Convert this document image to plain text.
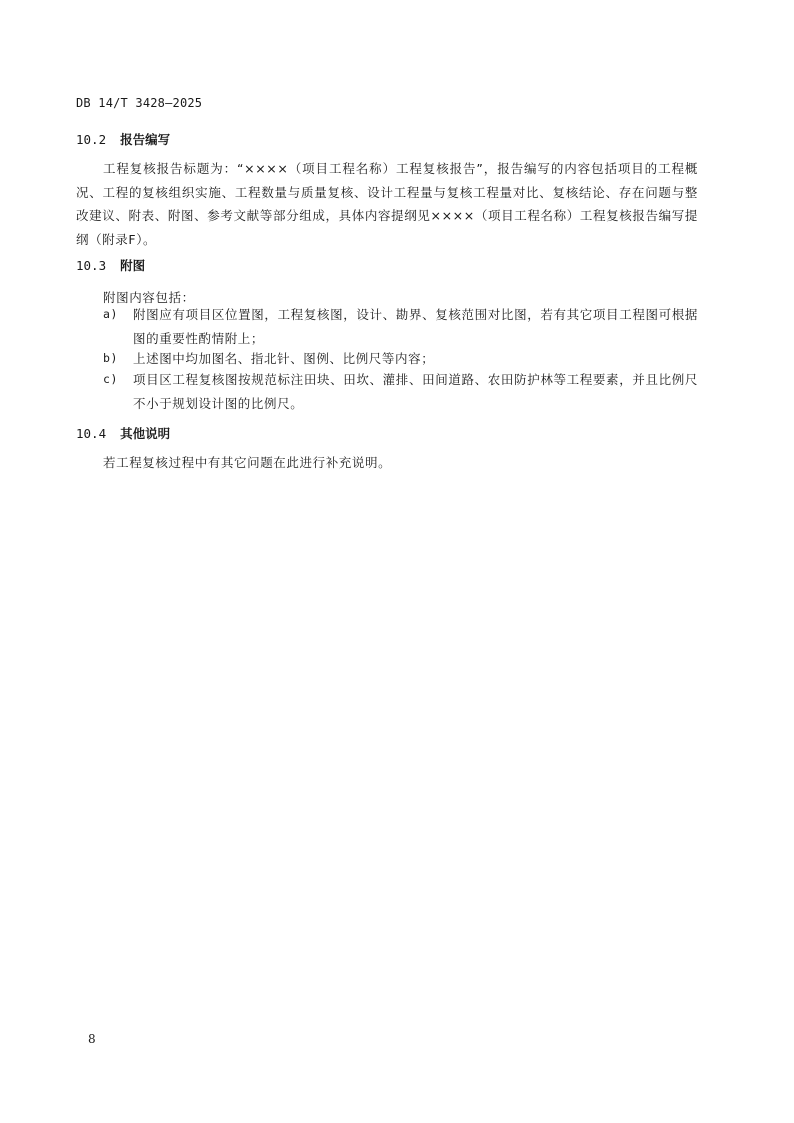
DB 14/T 3428—2025
10.2 报告编写
工程复核报告标题为：“××××（项目工程名称）工程复核报告”，报告编写的内容包括项目的工程概况、工程的复核组织实施、工程数量与质量复核、设计工程量与复核工程量对比、复核结论、存在问题与整改建议、附表、附图、参考文献等部分组成，具体内容提纲见××××（项目工程名称）工程复核报告编写提纲（附录F）。
10.3 附图
附图内容包括：
a) 附图应有项目区位置图，工程复核图，设计、勘界、复核范围对比图，若有其它项目工程图可根据图的重要性酌情附上；
b) 上述图中均加图名、指北针、图例、比例尺等内容；
c) 项目区工程复核图按规范标注田块、田坎、灌排、田间道路、农田防护林等工程要素，并且比例尺不小于规划设计图的比例尺。
10.4 其他说明
若工程复核过程中有其它问题在此进行补充说明。
8
